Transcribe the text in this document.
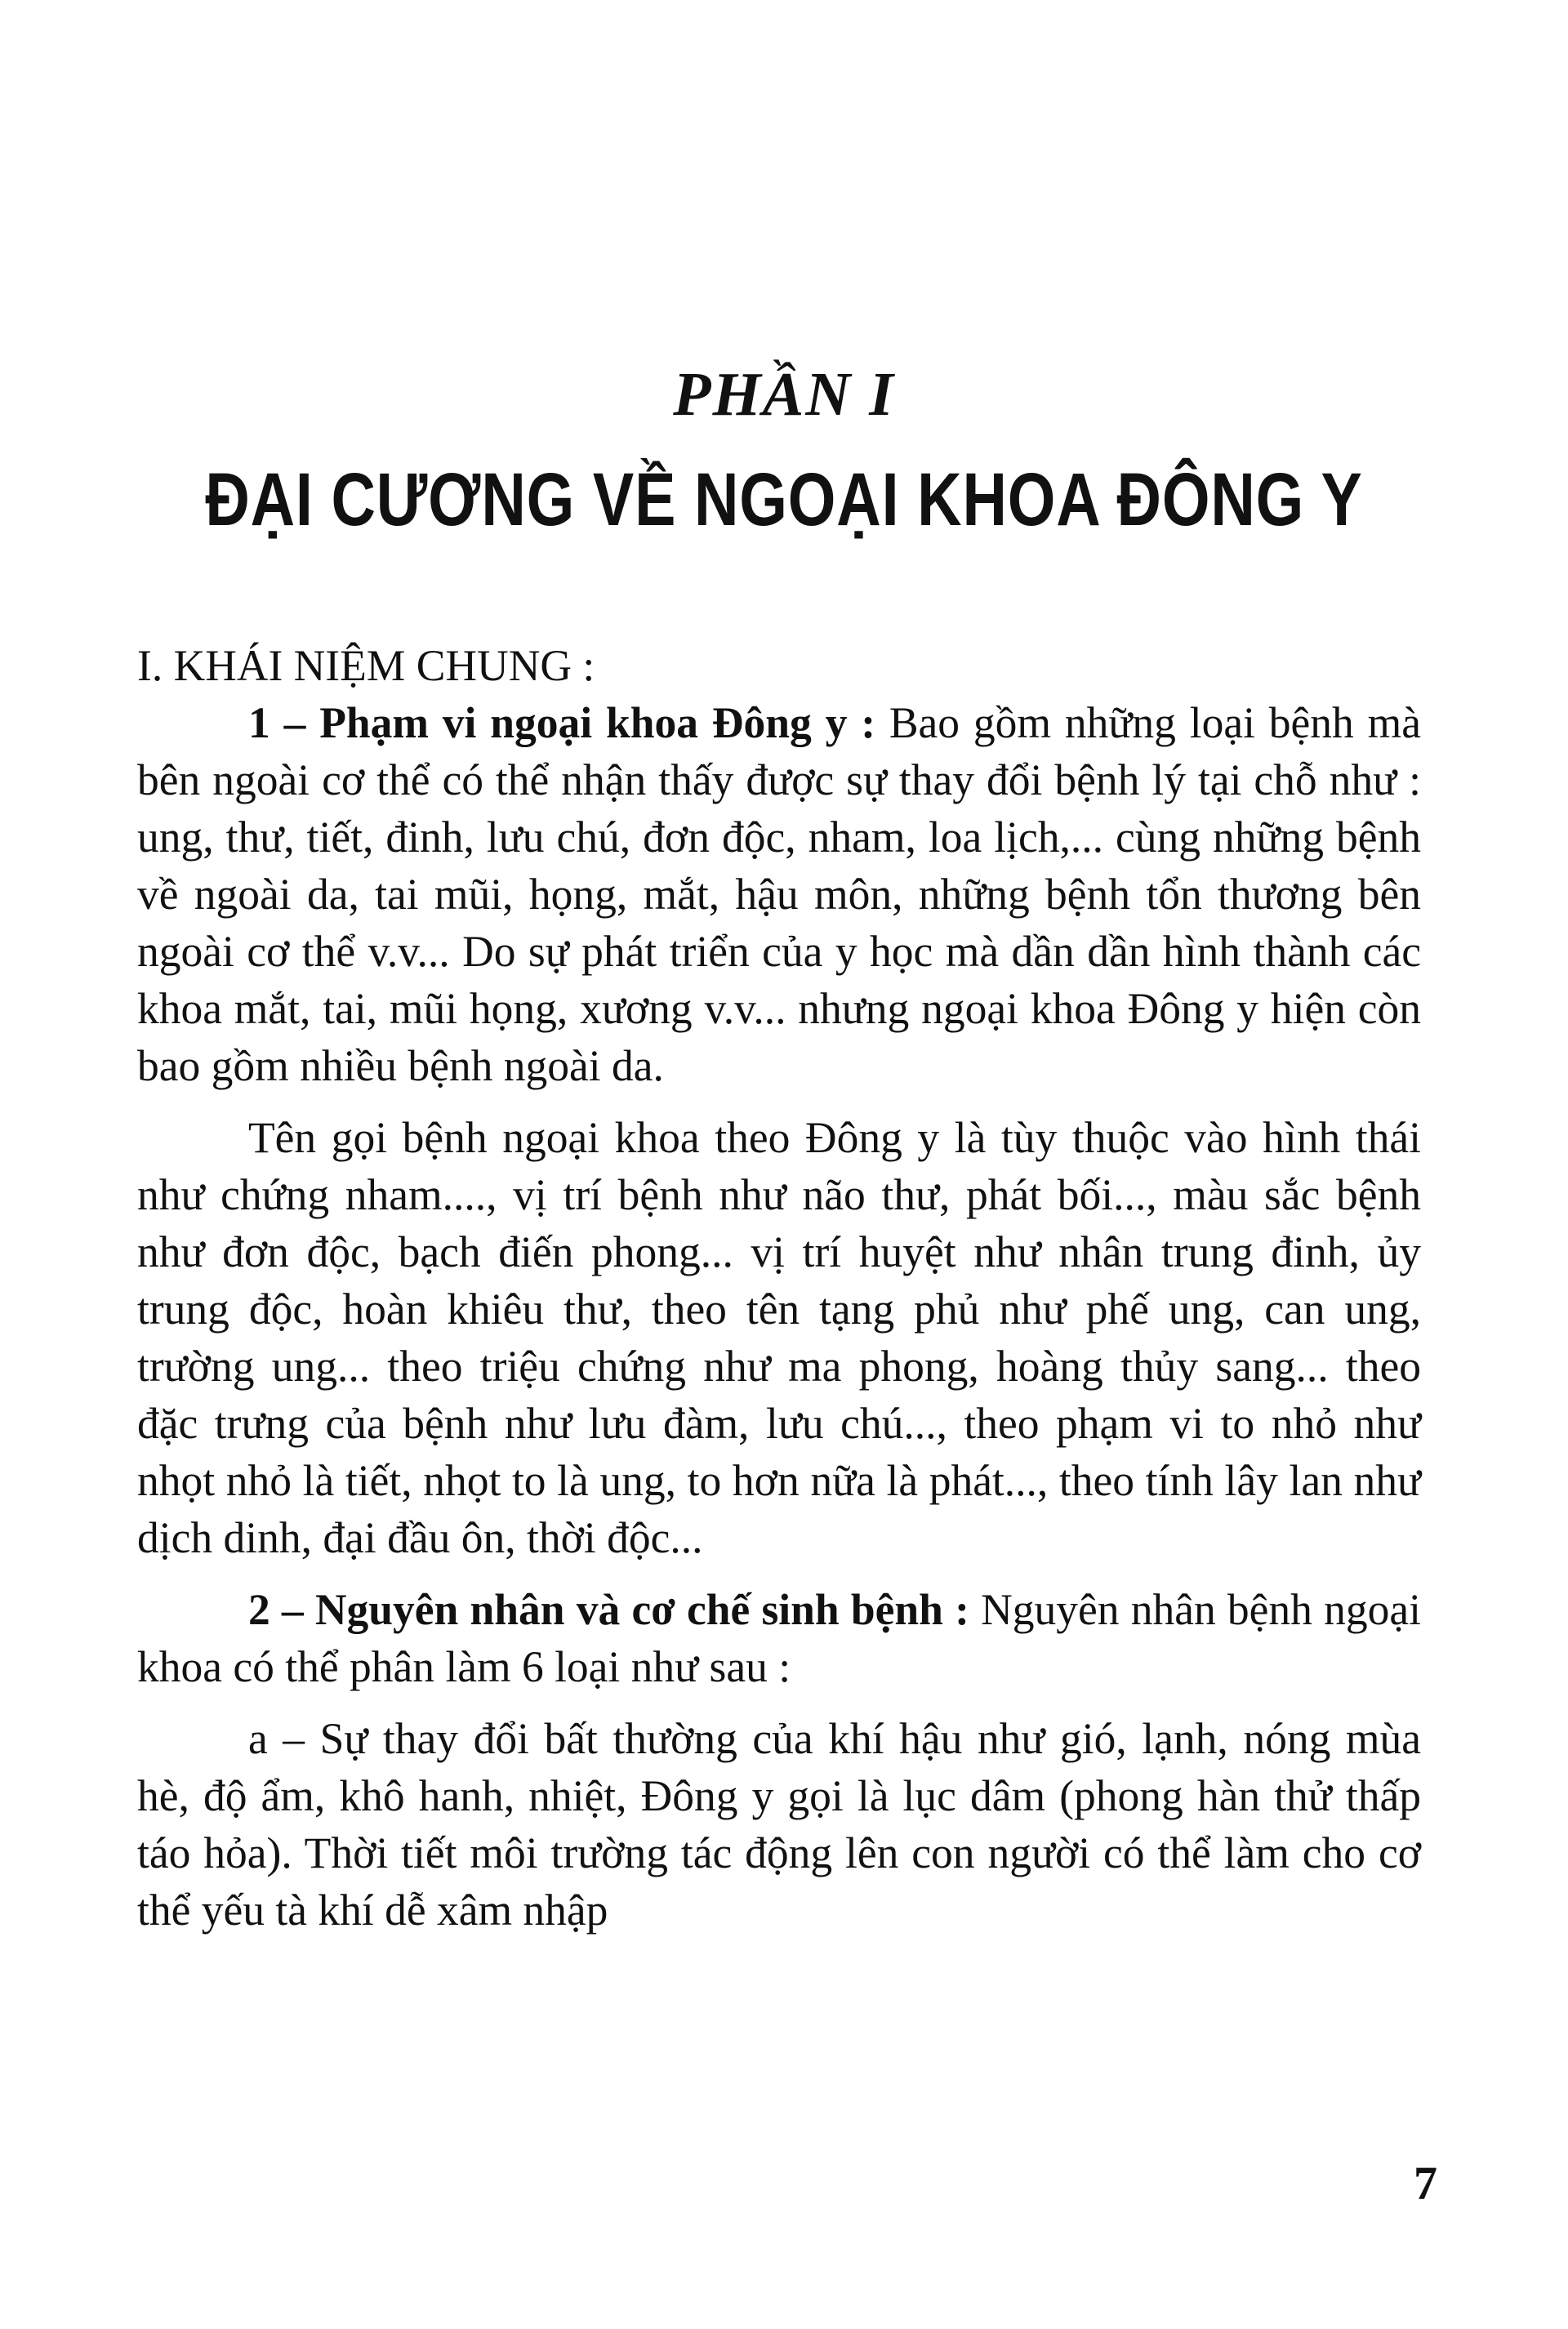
PHẦN I
ĐẠI CƯƠNG VỀ NGOẠI KHOA ĐÔNG Y

I. KHÁI NIỆM CHUNG :

1 – Phạm vi ngoại khoa Đông y : Bao gồm những loại bệnh mà bên ngoài cơ thể có thể nhận thấy được sự thay đổi bệnh lý tại chỗ như : ung, thư, tiết, đinh, lưu chú, đơn độc, nham, loa lịch,... cùng những bệnh về ngoài da, tai mũi, họng, mắt, hậu môn, những bệnh tổn thương bên ngoài cơ thể v.v... Do sự phát triển của y học mà dần dần hình thành các khoa mắt, tai, mũi họng, xương v.v... nhưng ngoại khoa Đông y hiện còn bao gồm nhiều bệnh ngoài da.

Tên gọi bệnh ngoại khoa theo Đông y là tùy thuộc vào hình thái như chứng nham...., vị trí bệnh như não thư, phát bối..., màu sắc bệnh như đơn độc, bạch điến phong... vị trí huyệt như nhân trung đinh, ủy trung độc, hoàn khiêu thư, theo tên tạng phủ như phế ung, can ung, trường ung... theo triệu chứng như ma phong, hoàng thủy sang... theo đặc trưng của bệnh như lưu đàm, lưu chú..., theo phạm vi to nhỏ như nhọt nhỏ là tiết, nhọt to là ung, to hơn nữa là phát..., theo tính lây lan như dịch dinh, đại đầu ôn, thời độc...

2 – Nguyên nhân và cơ chế sinh bệnh : Nguyên nhân bệnh ngoại khoa có thể phân làm 6 loại như sau :

a – Sự thay đổi bất thường của khí hậu như gió, lạnh, nóng mùa hè, độ ẩm, khô hanh, nhiệt, Đông y gọi là lục dâm (phong hàn thử thấp táo hỏa). Thời tiết môi trường tác động lên con người có thể làm cho cơ thể yếu tà khí dễ xâm nhập

7
